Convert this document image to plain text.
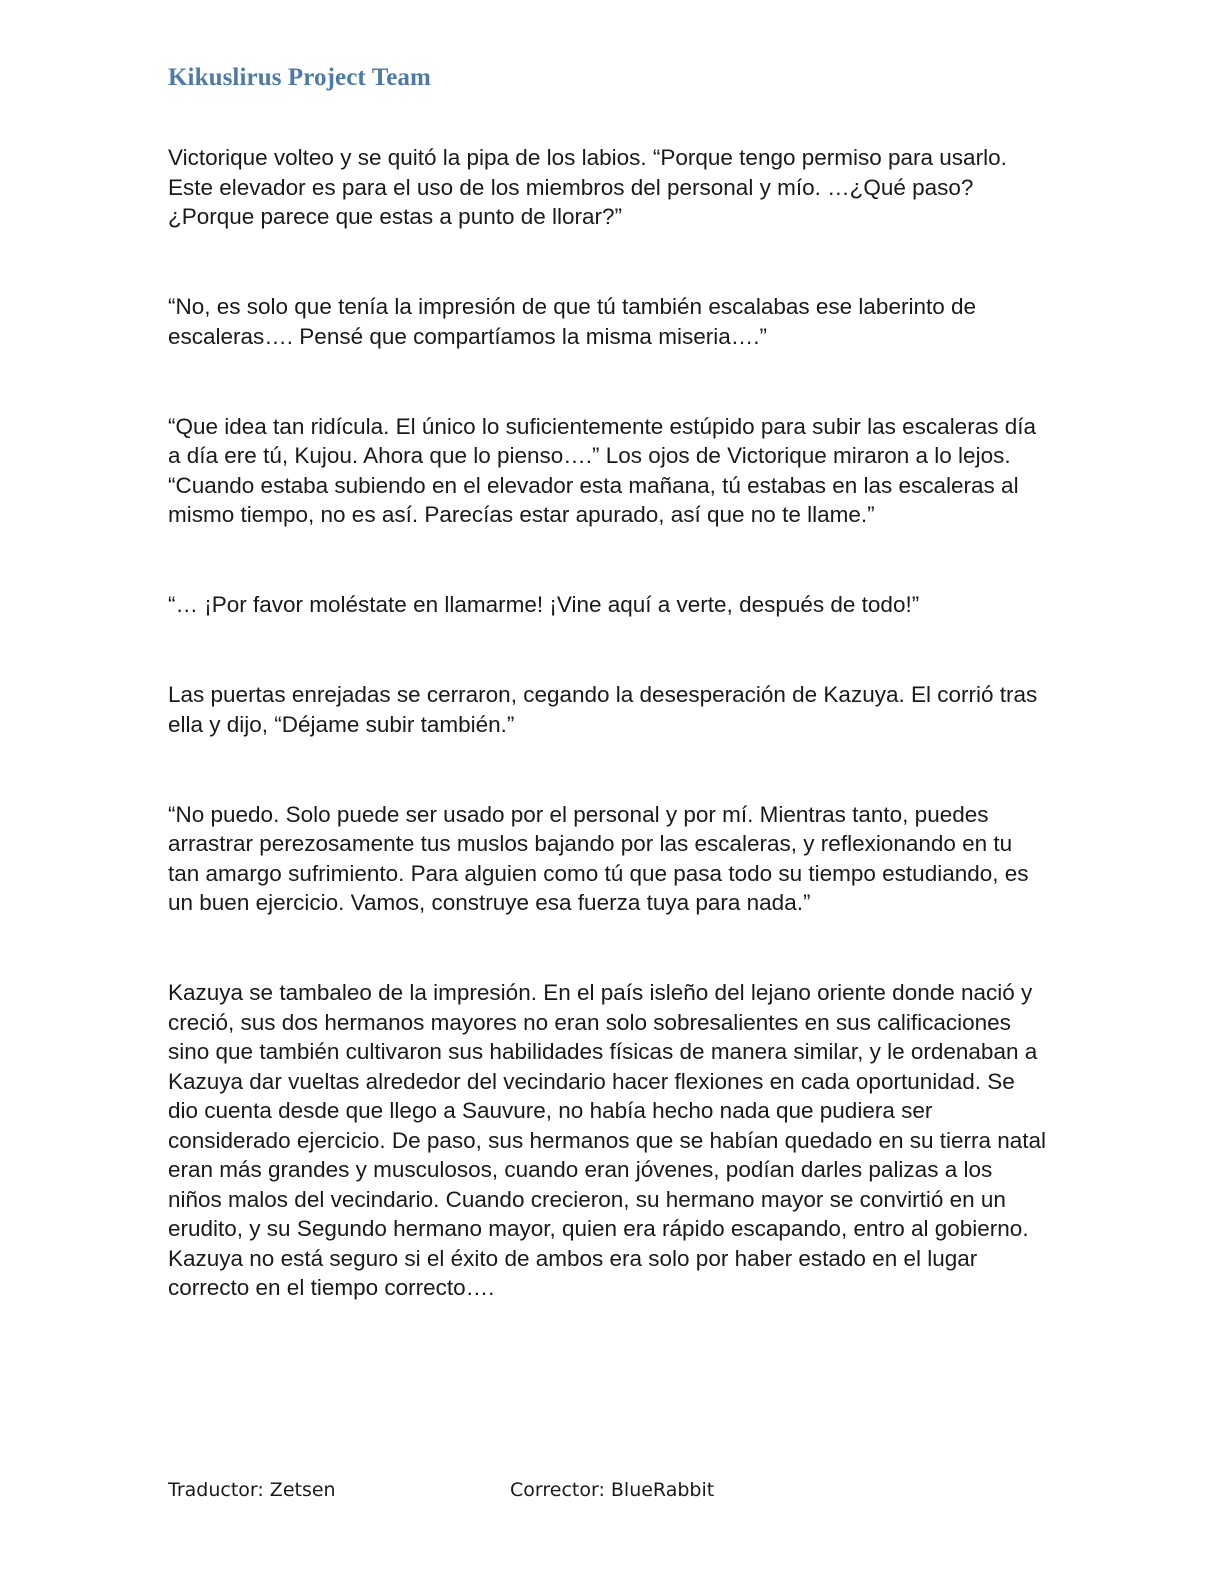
Kikuslirus Project Team

Victorique volteo y se quitó la pipa de los labios. “Porque tengo permiso para usarlo. Este elevador es para el uso de los miembros del personal y mío. …¿Qué paso? ¿Porque parece que estas a punto de llorar?”

“No, es solo que tenía la impresión de que tú también escalabas ese laberinto de escaleras…. Pensé que compartíamos la misma miseria….”

“Que idea tan ridícula. El único lo suficientemente estúpido para subir las escaleras día a día ere tú, Kujou. Ahora que lo pienso….” Los ojos de Victorique miraron a lo lejos. “Cuando estaba subiendo en el elevador esta mañana, tú estabas en las escaleras al mismo tiempo, no es así. Parecías estar apurado, así que no te llame.”

“… ¡Por favor moléstate en llamarme! ¡Vine aquí a verte, después de todo!”

Las puertas enrejadas se cerraron, cegando la desesperación de Kazuya. El corrió tras ella y dijo, “Déjame subir también.”

“No puedo. Solo puede ser usado por el personal y por mí. Mientras tanto, puedes arrastrar perezosamente tus muslos bajando por las escaleras, y reflexionando en tu tan amargo sufrimiento. Para alguien como tú que pasa todo su tiempo estudiando, es un buen ejercicio. Vamos, construye esa fuerza tuya para nada.”

Kazuya se tambaleo de la impresión. En el país isleño del lejano oriente donde nació y creció, sus dos hermanos mayores no eran solo sobresalientes en sus calificaciones sino que también cultivaron sus habilidades físicas de manera similar, y le ordenaban a Kazuya dar vueltas alrededor del vecindario hacer flexiones en cada oportunidad. Se dio cuenta desde que llego a Sauvure, no había hecho nada que pudiera ser considerado ejercicio. De paso, sus hermanos que se habían quedado en su tierra natal eran más grandes y musculosos, cuando eran jóvenes, podían darles palizas a los niños malos del vecindario. Cuando crecieron, su hermano mayor se convirtió en un erudito, y su Segundo hermano mayor, quien era rápido escapando, entro al gobierno. Kazuya no está seguro si el éxito de ambos era solo por haber estado en el lugar correcto en el tiempo correcto….

Traductor: Zetsen	Corrector: BlueRabbit
